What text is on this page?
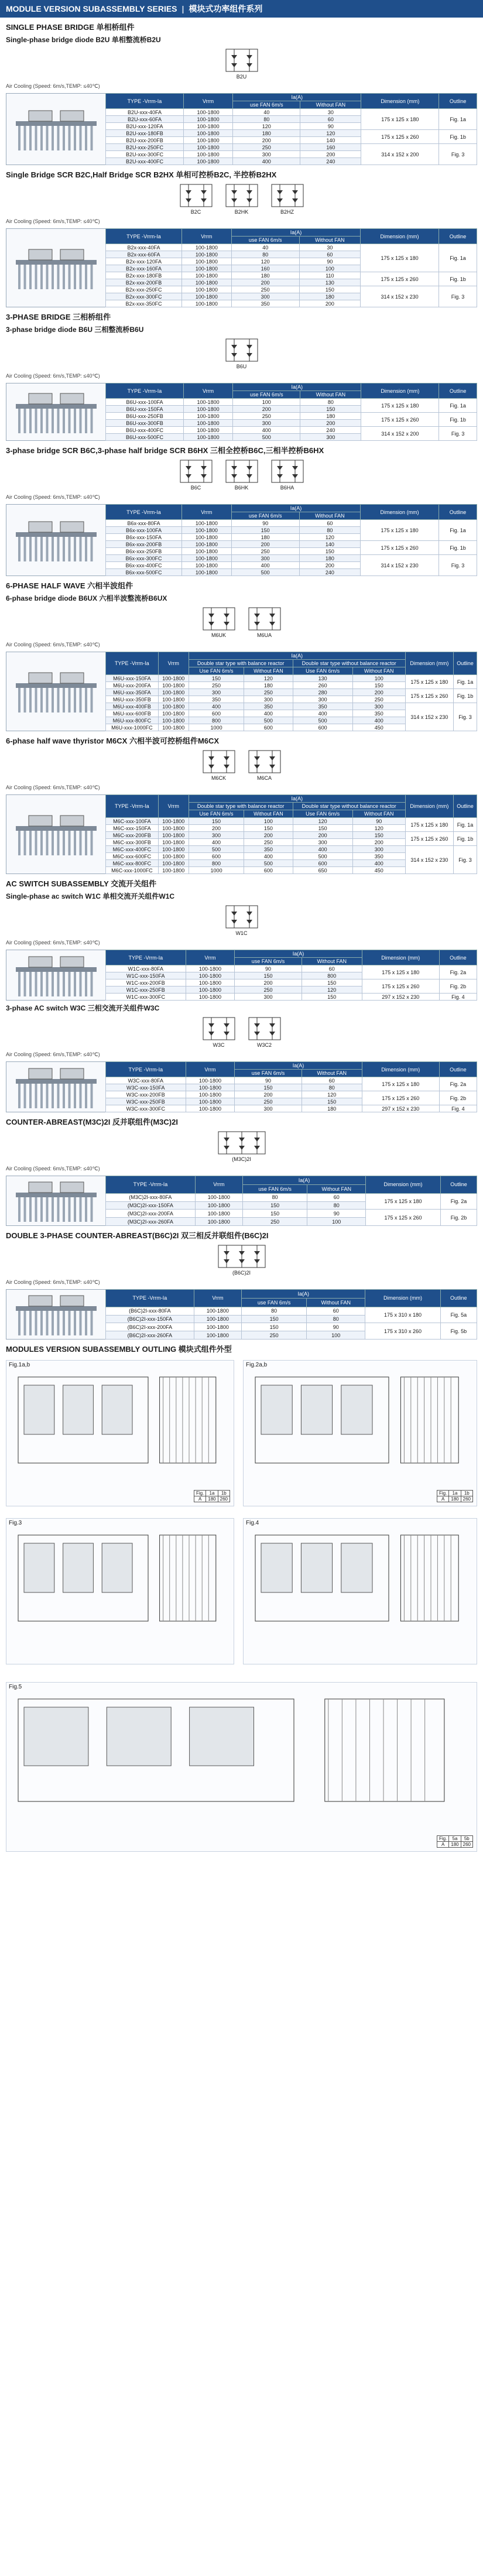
MODULE VERSION SUBASSEMBLY SERIES | 模块式功率组件系列
SINGLE PHASE BRIDGE 单相桥组件
Single-phase bridge diode B2U 单相整流桥B2U
B2U
Air Cooling (Speed: 6m/s,TEMP: ≤40℃)
TYPE -Vrrm-Ia	Vrrm	Ia(A)		Dimension (mm)	Outline
		use FAN 6m/s	Without FAN		
B2U-xxx-40FA	100-1800	40	30	175 x 125 x 180	Fig. 1a
B2U-xxx-60FA	100-1800	80	60		
B2U-xxx-120FA	100-1800	120	90		
B2U-xxx-180FB	100-1800	180	120	175 x 125 x 260	Fig. 1b
B2U-xxx-200FB	100-1800	200	140		
B2U-xxx-250FC	100-1800	250	160	314 x 152 x 200	Fig. 3
B2U-xxx-300FC	100-1800	300	200		
B2U-xxx-400FC	100-1800	400	240		
Single Bridge SCR B2C,Half Bridge SCR B2HX 单相可控桥B2C, 半控桥B2HX
B2C	B2HK	B2HZ
Air Cooling (Speed: 6m/s,TEMP: ≤40℃)
TYPE -Vrrm-Ia	Vrrm	Ia(A)		Dimension (mm)	Outline
		use FAN 6m/s	Without FAN		
B2x-xxx-40FA	100-1800	40	30	175 x 125 x 180	Fig. 1a
B2x-xxx-60FA	100-1800	80	60		
B2x-xxx-120FA	100-1800	120	90		
B2x-xxx-160FA	100-1800	160	100		
B2x-xxx-180FB	100-1800	180	110	175 x 125 x 260	Fig. 1b
B2x-xxx-200FB	100-1800	200	130		
B2x-xxx-250FC	100-1800	250	150	314 x 152 x 230	Fig. 3
B2x-xxx-300FC	100-1800	300	180		
B2x-xxx-350FC	100-1800	350	200		
3-PHASE BRIDGE 三相桥组件
3-phase bridge diode B6U 三相整流桥B6U
B6U
Air Cooling (Speed: 6m/s,TEMP: ≤40℃)
TYPE -Vrrm-Ia	Vrrm	Ia(A)		Dimension (mm)	Outline
		use FAN 6m/s	Without FAN		
B6U-xxx-100FA	100-1800	100	80	175 x 125 x 180	Fig. 1a
B6U-xxx-150FA	100-1800	200	150		
B6U-xxx-250FB	100-1800	250	180	175 x 125 x 260	Fig. 1b
B6U-xxx-300FB	100-1800	300	200		
B6U-xxx-400FC	100-1800	400	240	314 x 152 x 200	Fig. 3
B6U-xxx-500FC	100-1800	500	300		
3-phase bridge SCR B6C,3-phase half bridge SCR B6HX 三相全控桥B6C,三相半控桥B6HX
B6C	B6HK	B6HA
Air Cooling (Speed: 6m/s,TEMP: ≤40℃)
TYPE -Vrrm-Ia	Vrrm	Ia(A)		Dimension (mm)	Outline
		use FAN 6m/s	Without FAN		
B6x-xxx-80FA	100-1800	90	60	175 x 125 x 180	Fig. 1a
B6x-xxx-100FA	100-1800	150	80		
B6x-xxx-150FA	100-1800	180	120		
B6x-xxx-200FB	100-1800	200	140	175 x 125 x 260	Fig. 1b
B6x-xxx-250FB	100-1800	250	150		
B6x-xxx-300FC	100-1800	300	180	314 x 152 x 230	Fig. 3
B6x-xxx-400FC	100-1800	400	200		
B6x-xxx-500FC	100-1800	500	240		
6-PHASE HALF WAVE 六相半波组件
6-phase bridge diode B6UX 六相半波整流桥B6UX
M6UK	M6UA
Air Cooling (Speed: 6m/s,TEMP: ≤40℃)
TYPE -Vrrm-Ia	Vrrm	Ia(A)				Dimension (mm)	Outline
		Double star type with balance reactor		Double star type without balance reactor			
		Use FAN 6m/s	Without FAN	Use FAN 6m/s	Without FAN		
M6U-xxx-150FA	100-1800	150	120	130	100	175 x 125 x 180	Fig. 1a
M6U-xxx-200FA	100-1800	250	180	260	150		
M6U-xxx-350FA	100-1800	300	250	280	200	175 x 125 x 260	Fig. 1b
M6U-xxx-350FB	100-1800	350	300	300	250		
M6U-xxx-400FB	100-1800	400	350	350	300	314 x 152 x 230	Fig. 3
M6U-xxx-600FB	100-1800	600	400	400	350		
M6U-xxx-800FC	100-1800	800	500	500	400		
M6U-xxx-1000FC	100-1800	1000	600	600	450		
6-phase half wave thyristor M6CX 六相半波可控桥组件M6CX
M6CK	M6CA
Air Cooling (Speed: 6m/s,TEMP: ≤40℃)
TYPE -Vrrm-Ia	Vrrm	Ia(A)				Dimension (mm)	Outline
		Double star type with balance reactor		Double star type without balance reactor			
		Use FAN 6m/s	Without FAN	Use FAN 6m/s	Without FAN		
M6C-xxx-100FA	100-1800	150	100	120	90	175 x 125 x 180	Fig. 1a
M6C-xxx-150FA	100-1800	200	150	150	120		
M6C-xxx-200FB	100-1800	300	200	200	150	175 x 125 x 260	Fig. 1b
M6C-xxx-300FB	100-1800	400	250	300	200		
M6C-xxx-400FC	100-1800	500	350	400	300	314 x 152 x 230	Fig. 3
M6C-xxx-600FC	100-1800	600	400	500	350		
M6C-xxx-800FC	100-1800	800	500	600	400		
M6C-xxx-1000FC	100-1800	1000	600	650	450		
AC SWITCH SUBASSEMBLY 交流开关组件
Single-phase ac switch W1C 单相交流开关组件W1C
W1C
Air Cooling (Speed: 6m/s,TEMP: ≤40℃)
TYPE -Vrrm-Ia	Vrrm	Ia(A)		Dimension (mm)	Outline
		use FAN 6m/s	Without FAN		
W1C-xxx-80FA	100-1800	90	60	175 x 125 x 180	Fig. 2a
W1C-xxx-150FA	100-1800	150	800		
W1C-xxx-200FB	100-1800	200	150	175 x 125 x 260	Fig. 2b
W1C-xxx-250FB	100-1800	250	120		
W1C-xxx-300FC	100-1800	300	150	297 x 152 x 230	Fig. 4
3-phase AC switch W3C 三相交流开关组件W3C
W3C	W3C2
Air Cooling (Speed: 6m/s,TEMP: ≤40℃)
TYPE -Vrrm-Ia	Vrrm	Ia(A)		Dimension (mm)	Outline
		use FAN 6m/s	Without FAN		
W3C-xxx-80FA	100-1800	90	60	175 x 125 x 180	Fig. 2a
W3C-xxx-150FA	100-1800	150	80		
W3C-xxx-200FB	100-1800	200	120	175 x 125 x 260	Fig. 2b
W3C-xxx-250FB	100-1800	250	150		
W3C-xxx-300FC	100-1800	300	180	297 x 152 x 230	Fig. 4
COUNTER-ABREAST(M3C)2I 反并联组件(M3C)2I
(M3C)2I
Air Cooling (Speed: 6m/s,TEMP: ≤40℃)
TYPE -Vrrm-Ia	Vrrm	Ia(A)		Dimension (mm)	Outline
		use FAN 6m/s	Without FAN		
(M3C)2I-xxx-80FA	100-1800	80	60	175 x 125 x 180	Fig. 2a
(M3C)2I-xxx-150FA	100-1800	150	80		
(M3C)2I-xxx-200FA	100-1800	150	90	175 x 125 x 260	Fig. 2b
(M3C)2I-xxx-260FA	100-1800	250	100		
DOUBLE 3-PHASE COUNTER-ABREAST(B6C)2I 双三相反并联组件(B6C)2I
(B6C)2I
Air Cooling (Speed: 6m/s,TEMP: ≤40℃)
TYPE -Vrrm-Ia	Vrrm	Ia(A)		Dimension (mm)	Outline
		use FAN 6m/s	Without FAN		
(B6C)2I-xxx-80FA	100-1800	80	60	175 x 310 x 180	Fig. 5a
(B6C)2I-xxx-150FA	100-1800	150	80		
(B6C)2I-xxx-200FA	100-1800	150	90	175 x 310 x 260	Fig. 5b
(B6C)2I-xxx-260FA	100-1800	250	100		
MODULES VERSION SUBASSEMBLY OUTLING 模块式组件外型
Fig.1a,b
Fig.	1a	1b
A	180	260
Fig.2a,b
Fig.	1a	1b
A	180	260
Fig.3	Fig.4
Fig.5
Fig.	5a	5b
A	180	260
